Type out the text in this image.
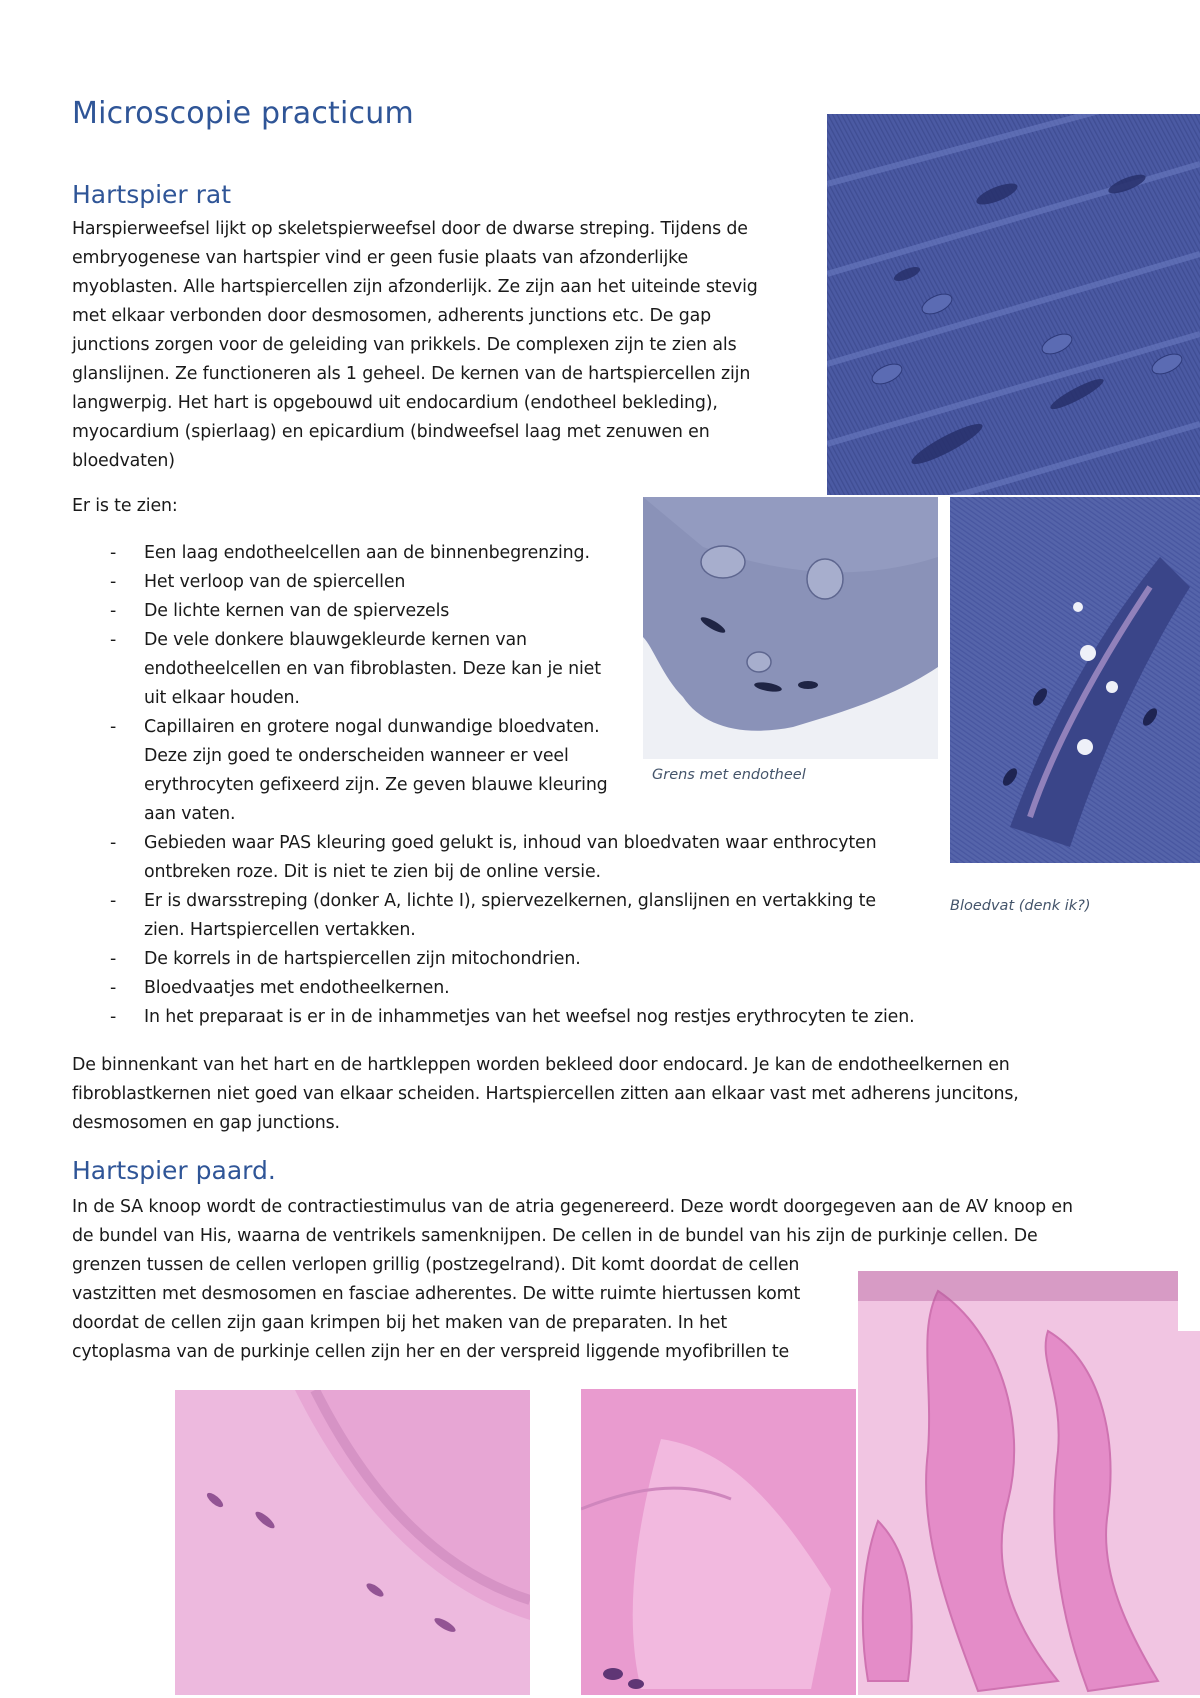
Microscopie practicum
Hartspier rat
Harspierweefsel lijkt op skeletspierweefsel door de dwarse streping. Tijdens de
embryogenese van hartspier vind er geen fusie plaats van afzonderlijke
myoblasten. Alle hartspiercellen zijn afzonderlijk. Ze zijn aan het uiteinde stevig
met elkaar verbonden door desmosomen, adherents junctions etc. De gap
junctions zorgen voor de geleiding van prikkels. De complexen zijn te zien als
glanslijnen. Ze functioneren als 1 geheel. De kernen van de hartspiercellen zijn
langwerpig. Het hart is opgebouwd uit endocardium (endotheel bekleding),
myocardium (spierlaag) en epicardium (bindweefsel laag met zenuwen en
bloedvaten)
Er is te zien:
- Een laag endotheelcellen aan de binnenbegrenzing.
- Het verloop van de spiercellen
- De lichte kernen van de spiervezels
- De vele donkere blauwgekleurde kernen van
endotheelcellen en van fibroblasten. Deze kan je niet
uit elkaar houden.
- Capillairen en grotere nogal dunwandige bloedvaten.
Deze zijn goed te onderscheiden wanneer er veel
erythrocyten gefixeerd zijn. Ze geven blauwe kleuring
aan vaten.
- Gebieden waar PAS kleuring goed gelukt is, inhoud van bloedvaten waar enthrocyten
ontbreken roze. Dit is niet te zien bij de online versie.
- Er is dwarsstreping (donker A, lichte I), spiervezelkernen, glanslijnen en vertakking te
zien. Hartspiercellen vertakken.
- De korrels in de hartspiercellen zijn mitochondrien.
- Bloedvaatjes met endotheelkernen.
- In het preparaat is er in de inhammetjes van het weefsel nog restjes erythrocyten te zien.
De binnenkant van het hart en de hartkleppen worden bekleed door endocard. Je kan de endotheelkernen en
fibroblastkernen niet goed van elkaar scheiden. Hartspiercellen zitten aan elkaar vast met adherens juncitons,
desmosomen en gap junctions.
Hartspier paard.
In de SA knoop wordt de contractiestimulus van de atria gegenereerd. Deze wordt doorgegeven aan de AV knoop en
de bundel van His, waarna de ventrikels samenknijpen. De cellen in de bundel van his zijn de purkinje cellen. De
grenzen tussen de cellen verlopen grillig (postzegelrand). Dit komt doordat de cellen
vastzitten met desmosomen en fasciae adherentes. De witte ruimte hiertussen komt
doordat de cellen zijn gaan krimpen bij het maken van de preparaten. In het
cytoplasma van de purkinje cellen zijn her en der verspreid liggende myofibrillen te
Grens met endotheel
Bloedvat (denk ik?)
